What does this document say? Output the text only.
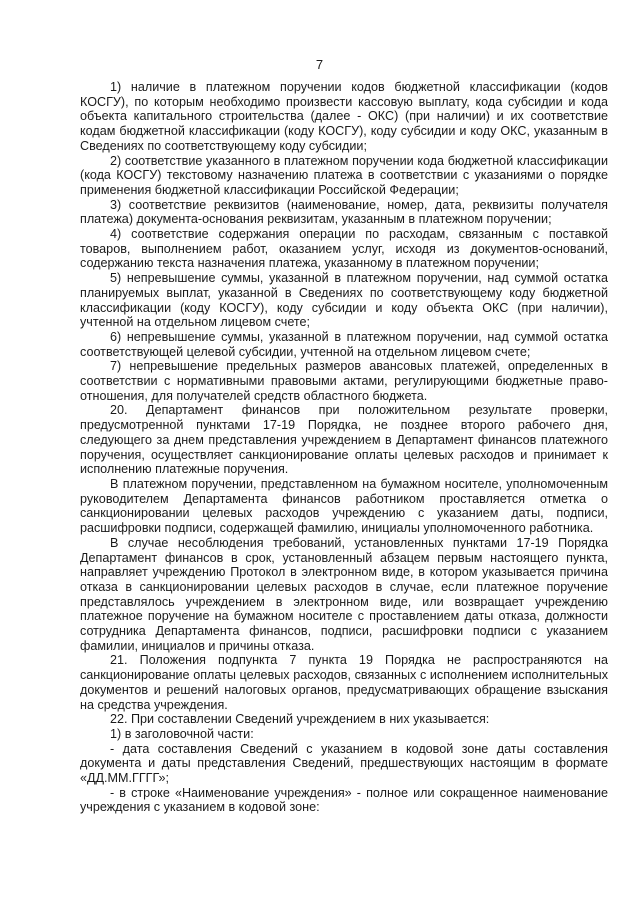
7

1) наличие в платежном поручении кодов бюджетной классификации (кодов КОСГУ), по которым необходимо произвести кассовую выплату, кода субсидии и кода объекта капитального строительства (далее - ОКС) (при наличии) и их соответствие кодам бюджетной классификации (коду КОСГУ), коду субсидии и коду ОКС, указанным в Сведениях по соответствующему коду субсидии;

2) соответствие указанного в платежном поручении кода бюджетной классификации (кода КОСГУ) текстовому назначению платежа в соответствии с указаниями о порядке применения бюджетной классификации Российской Федерации;

3) соответствие реквизитов (наименование, номер, дата, реквизиты получателя платежа) документа-основания реквизитам, указанным в платежном поручении;

4) соответствие содержания операции по расходам, связанным с поставкой товаров, выполнением работ, оказанием услуг, исходя из документов-оснований, содержанию текста назначения платежа, указанному в платежном поручении;

5) непревышение суммы, указанной в платежном поручении, над суммой остатка планируемых выплат, указанной в Сведениях по соответствующему коду бюджетной классификации (коду КОСГУ), коду субсидии и коду объекта ОКС (при наличии), учтенной на отдельном лицевом счете;

6) непревышение суммы, указанной в платежном поручении, над суммой остатка соответствующей целевой субсидии, учтенной на отдельном лицевом счете;

7) непревышение предельных размеров авансовых платежей, определенных в соответствии с нормативными правовыми актами, регулирующими бюджетные право-отношения, для получателей средств областного бюджета.

20. Департамент финансов при положительном результате проверки, предусмотренной пунктами 17-19 Порядка, не позднее второго рабочего дня, следующего за днем представления учреждением в Департамент финансов платежного поручения, осуществляет санкционирование оплаты целевых расходов и принимает к исполнению платежные поручения.

В платежном поручении, представленном на бумажном носителе, уполномоченным руководителем Департамента финансов работником проставляется отметка о санкционировании целевых расходов учреждению с указанием даты, подписи, расшифровки подписи, содержащей фамилию, инициалы уполномоченного работника.

В случае несоблюдения требований, установленных пунктами 17-19 Порядка Департамент финансов в срок, установленный абзацем первым настоящего пункта, направляет учреждению Протокол в электронном виде, в котором указывается причина отказа в санкционировании целевых расходов в случае, если платежное поручение представлялось учреждением в электронном виде, или возвращает учреждению платежное поручение на бумажном носителе с проставлением даты отказа, должности сотрудника Департамента финансов, подписи, расшифровки подписи с указанием фамилии, инициалов и причины отказа.

21. Положения подпункта 7 пункта 19 Порядка не распространяются на санкционирование оплаты целевых расходов, связанных с исполнением исполнительных документов и решений налоговых органов, предусматривающих обращение взыскания на средства учреждения.

22. При составлении Сведений учреждением в них указывается:

1) в заголовочной части:

- дата составления Сведений с указанием в кодовой зоне даты составления документа и даты представления Сведений, предшествующих настоящим в формате «ДД.ММ.ГГГГ»;

- в строке «Наименование учреждения» - полное или сокращенное наименование учреждения с указанием в кодовой зоне:
